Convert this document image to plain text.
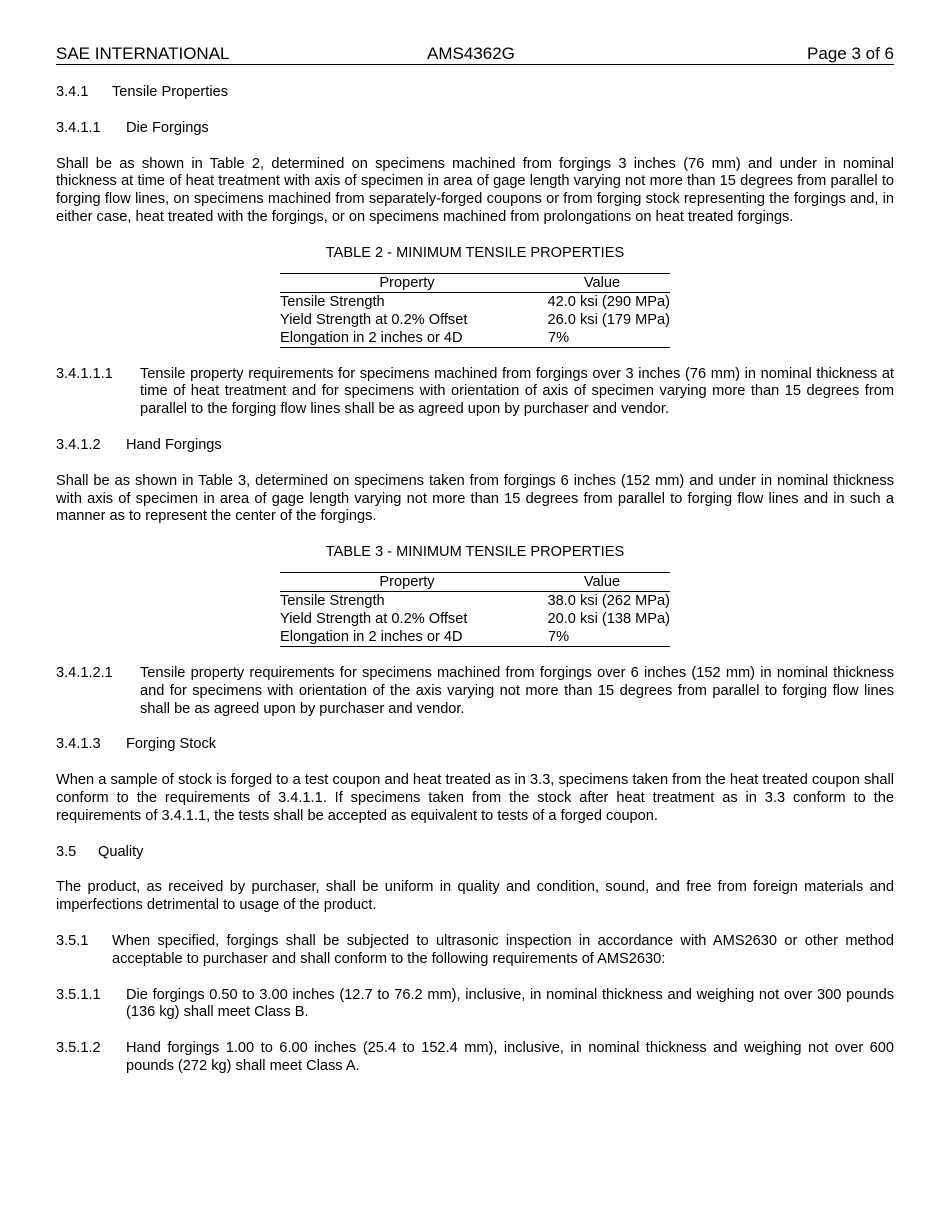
SAE INTERNATIONAL	AMS4362G	Page 3 of 6

3.4.1 Tensile Properties

3.4.1.1 Die Forgings

Shall be as shown in Table 2, determined on specimens machined from forgings 3 inches (76 mm) and under in nominal thickness at time of heat treatment with axis of specimen in area of gage length varying not more than 15 degrees from parallel to forging flow lines, on specimens machined from separately-forged coupons or from forging stock representing the forgings and, in either case, heat treated with the forgings, or on specimens machined from prolongations on heat treated forgings.

TABLE 2 - MINIMUM TENSILE PROPERTIES

Property	Value
Tensile Strength	42.0 ksi (290 MPa)
Yield Strength at 0.2% Offset	26.0 ksi (179 MPa)
Elongation in 2 inches or 4D	7%
3.4.1.1.1	Tensile property requirements for specimens machined from forgings over 3 inches (76 mm) in nominal thickness at time of heat treatment and for specimens with orientation of axis of specimen varying more than 15 degrees from parallel to the forging flow lines shall be as agreed upon by purchaser and vendor.

3.4.1.2 Hand Forgings

Shall be as shown in Table 3, determined on specimens taken from forgings 6 inches (152 mm) and under in nominal thickness with axis of specimen in area of gage length varying not more than 15 degrees from parallel to forging flow lines and in such a manner as to represent the center of the forgings.

TABLE 3 - MINIMUM TENSILE PROPERTIES

Property	Value
Tensile Strength	38.0 ksi (262 MPa)
Yield Strength at 0.2% Offset	20.0 ksi (138 MPa)
Elongation in 2 inches or 4D	7%
3.4.1.2.1	Tensile property requirements for specimens machined from forgings over 6 inches (152 mm) in nominal thickness and for specimens with orientation of the axis varying not more than 15 degrees from parallel to forging flow lines shall be as agreed upon by purchaser and vendor.

3.4.1.3 Forging Stock

When a sample of stock is forged to a test coupon and heat treated as in 3.3, specimens taken from the heat treated coupon shall conform to the requirements of 3.4.1.1. If specimens taken from the stock after heat treatment as in 3.3 conform to the requirements of 3.4.1.1, the tests shall be accepted as equivalent to tests of a forged coupon.

3.5 Quality

The product, as received by purchaser, shall be uniform in quality and condition, sound, and free from foreign materials and imperfections detrimental to usage of the product.

3.5.1	When specified, forgings shall be subjected to ultrasonic inspection in accordance with AMS2630 or other method acceptable to purchaser and shall conform to the following requirements of AMS2630:
3.5.1.1	Die forgings 0.50 to 3.00 inches (12.7 to 76.2 mm), inclusive, in nominal thickness and weighing not over 300 pounds (136 kg) shall meet Class B.
3.5.1.2	Hand forgings 1.00 to 6.00 inches (25.4 to 152.4 mm), inclusive, in nominal thickness and weighing not over 600 pounds (272 kg) shall meet Class A.
